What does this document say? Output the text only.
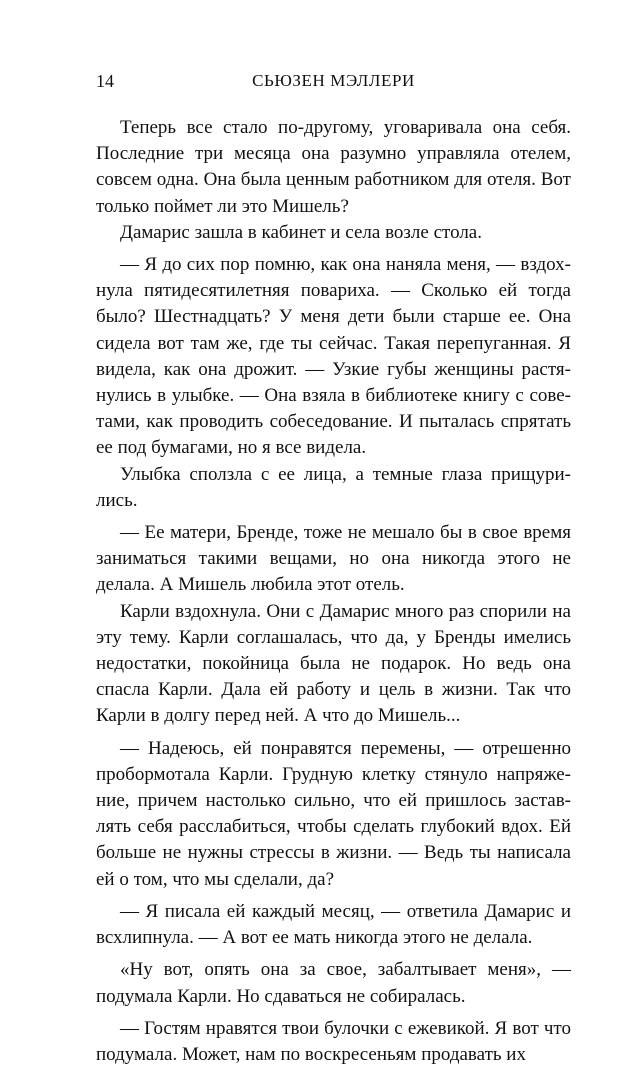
14	СЬЮЗЕН МЭЛЛЕРИ

Теперь все стало по-другому, уговаривала она себя. Последние три месяца она разумно управляла отелем, совсем одна. Она была ценным работником для отеля. Вот только поймет ли это Мишель?

Дамарис зашла в кабинет и села возле стола.

— Я до сих пор помню, как она наняла меня, — вздохнула пятидесятилетняя повариха. — Сколько ей тогда было? Шестнадцать? У меня дети были старше ее. Она сидела вот там же, где ты сейчас. Такая перепуганная. Я видела, как она дрожит. — Узкие губы женщины растянулись в улыбке. — Она взяла в библиотеке книгу с советами, как проводить собеседование. И пыталась спрятать ее под бумагами, но я все видела.

Улыбка сползла с ее лица, а темные глаза прищурились.

— Ее матери, Бренде, тоже не мешало бы в свое время заниматься такими вещами, но она никогда этого не делала. А Мишель любила этот отель.

Карли вздохнула. Они с Дамарис много раз спорили на эту тему. Карли соглашалась, что да, у Бренды имелись недостатки, покойница была не подарок. Но ведь она спасла Карли. Дала ей работу и цель в жизни. Так что Карли в долгу перед ней. А что до Мишель...

— Надеюсь, ей понравятся перемены, — отрешенно пробормотала Карли. Грудную клетку стянуло напряжение, причем настолько сильно, что ей пришлось заставлять себя расслабиться, чтобы сделать глубокий вдох. Ей больше не нужны стрессы в жизни. — Ведь ты написала ей о том, что мы сделали, да?

— Я писала ей каждый месяц, — ответила Дамарис и всхлипнула. — А вот ее мать никогда этого не делала.

«Ну вот, опять она за свое, забалтывает меня», — подумала Карли. Но сдаваться не собиралась.

— Гостям нравятся твои булочки с ежевикой. Я вот что подумала. Может, нам по воскресеньям продавать их
